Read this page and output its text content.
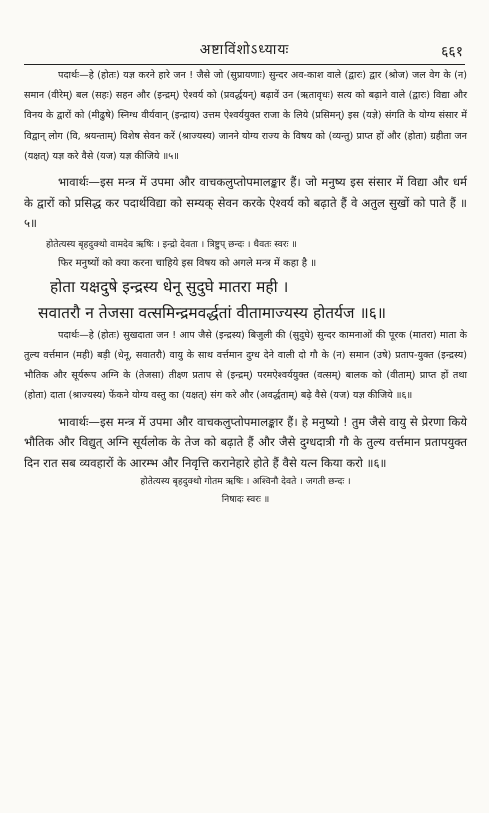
अष्टाविंशोऽध्यायः	६६१

पदार्थः—हे (होतः) यज्ञ करने हारे जन ! जैसे जो (सुप्रायणाः) सुन्दर अव-काश वाले (द्वारः) द्वार (श्रोज) जल वेग के (न) समान (वीरेम्) बल (सहः) सहन और (इन्द्रम्) ऐश्वर्य को (प्रवर्द्धयन्) बढ़ावें उन (ऋतावृधः) सत्य को बढ़ाने वाले (द्वारः) विद्या और विनय के द्वारों को (मीढुषे) स्निग्ध वीर्यवान् (इन्द्राय) उत्तम ऐश्वर्ययुक्त राजा के लिये (प्रसिमन्) इस (यज्ञे) संगति के योग्य संसार में विद्वान् लोग (वि, श्रयन्ताम्) विशेष सेवन करें (श्राज्यस्य) जानने योग्य राज्य के विषय को (व्यन्तु) प्राप्त हों और (होता) ग्रहीता जन (यक्षत्) यज्ञ करे वैसे (यज) यज्ञ कीजिये ॥५॥

भावार्थः—इस मन्त्र में उपमा और वाचकलुप्तोपमालङ्कार हैं। जो मनुष्य इस संसार में विद्या और धर्म के द्वारों को प्रसिद्ध कर पदार्थविद्या को सम्यक् सेवन करके ऐश्वर्य को बढ़ाते हैं वे अतुल सुखों को पाते हैं ॥५॥

होतेत्यस्य बृहदुक्थो वामदेव ऋषिः । इन्द्रो देवता । त्रिष्टुप् छन्दः । धैवतः स्वरः ॥

फिर मनुष्यों को क्या करना चाहिये इस विषय को अगले मन्त्र में कहा है ॥

होता यक्षदुषे इन्द्रस्य धेनू सुदुघे मातरा मही ।

सवातरौ न तेजसा वत्समिन्द्रमवर्द्धतां वीतामाज्यस्य होतर्यज ॥६॥

पदार्थः—हे (होतः) सुखदाता जन ! आप जैसे (इन्द्रस्य) बिजुली की (सुदुघे) सुन्दर कामनाओं की पूरक (मातरा) माता के तुल्य वर्त्तमान (मही) बड़ी (धेनू, सवातरौ) वायु के साथ वर्त्तमान दुग्ध देने वाली दो गौ के (न) समान (उषे) प्रताप-युक्त (इन्द्रस्य) भौतिक और सूर्यरूप अग्नि के (तेजसा) तीक्ष्ण प्रताप से (इन्द्रम्) परमऐश्वर्ययुक्त (वत्सम्) बालक को (वीताम्) प्राप्त हों तथा (होता) दाता (श्राज्यस्य) फेंकने योग्य वस्तु का (यक्षत्) संग करे और (अवर्द्धताम्) बढ़े वैसे (यज) यज्ञ कीजिये ॥६॥

भावार्थः—इस मन्त्र में उपमा और वाचकलुप्तोपमालङ्कार हैं। हे मनुष्यो ! तुम जैसे वायु से प्रेरणा किये भौतिक और विद्युत् अग्नि सूर्यलोक के तेज को बढ़ाते हैं और जैसे दुग्धदात्री गौ के तुल्य वर्त्तमान प्रतापयुक्त दिन रात सब व्यवहारों के आरम्भ और निवृत्ति करानेहारे होते हैं वैसे यत्न किया करो ॥६॥

होतेत्यस्य बृहदुक्थो गोतम ऋषिः । अश्विनौ देवते । जगती छन्दः ।

निषादः स्वरः ॥
